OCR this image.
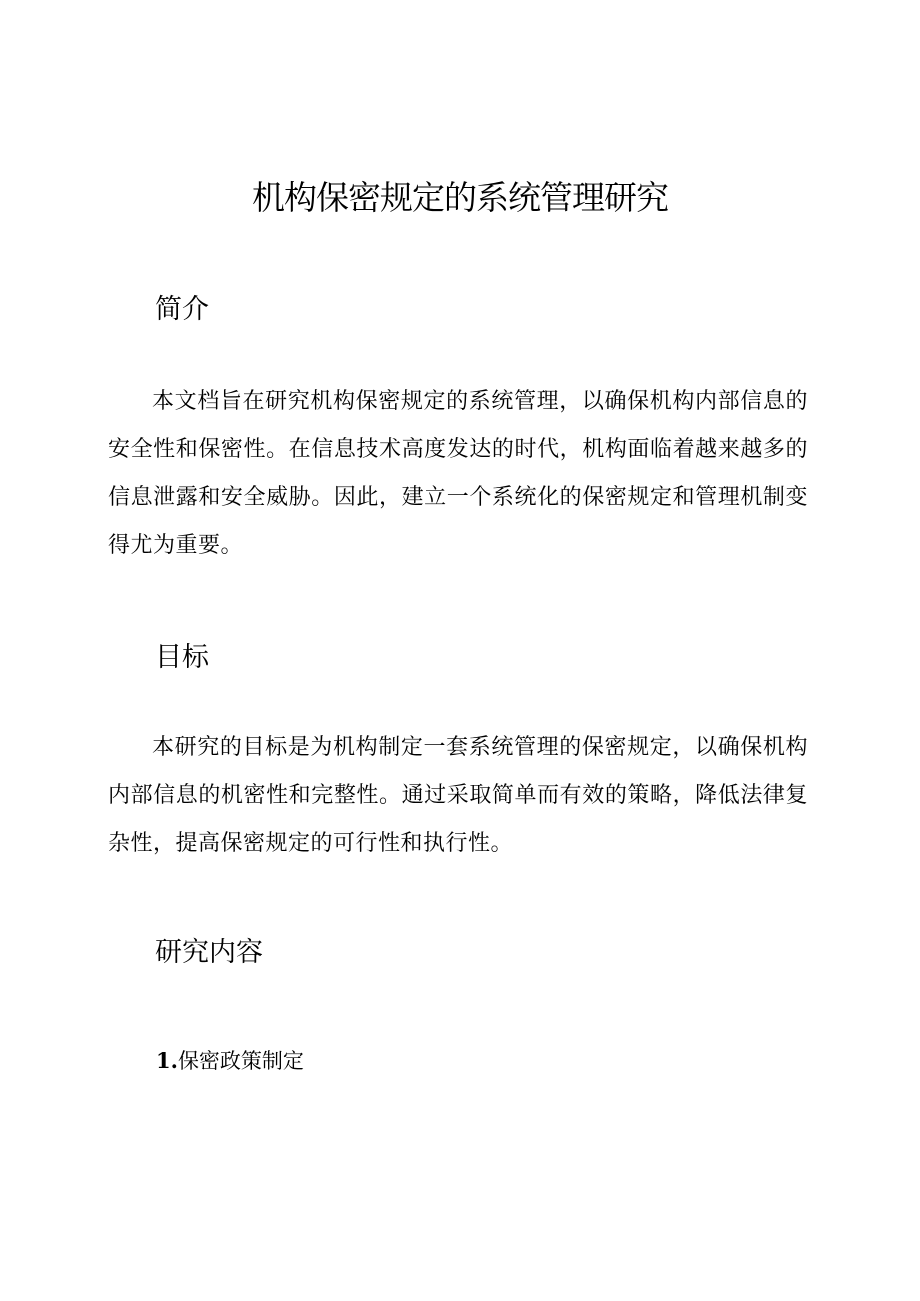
机构保密规定的系统管理研究
简介

本文档旨在研究机构保密规定的系统管理，以确保机构内部信息的安全性和保密性。在信息技术高度发达的时代，机构面临着越来越多的信息泄露和安全威胁。因此，建立一个系统化的保密规定和管理机制变得尤为重要。

目标

本研究的目标是为机构制定一套系统管理的保密规定，以确保机构内部信息的机密性和完整性。通过采取简单而有效的策略，降低法律复杂性，提高保密规定的可行性和执行性。

研究内容
1.保密政策制定
